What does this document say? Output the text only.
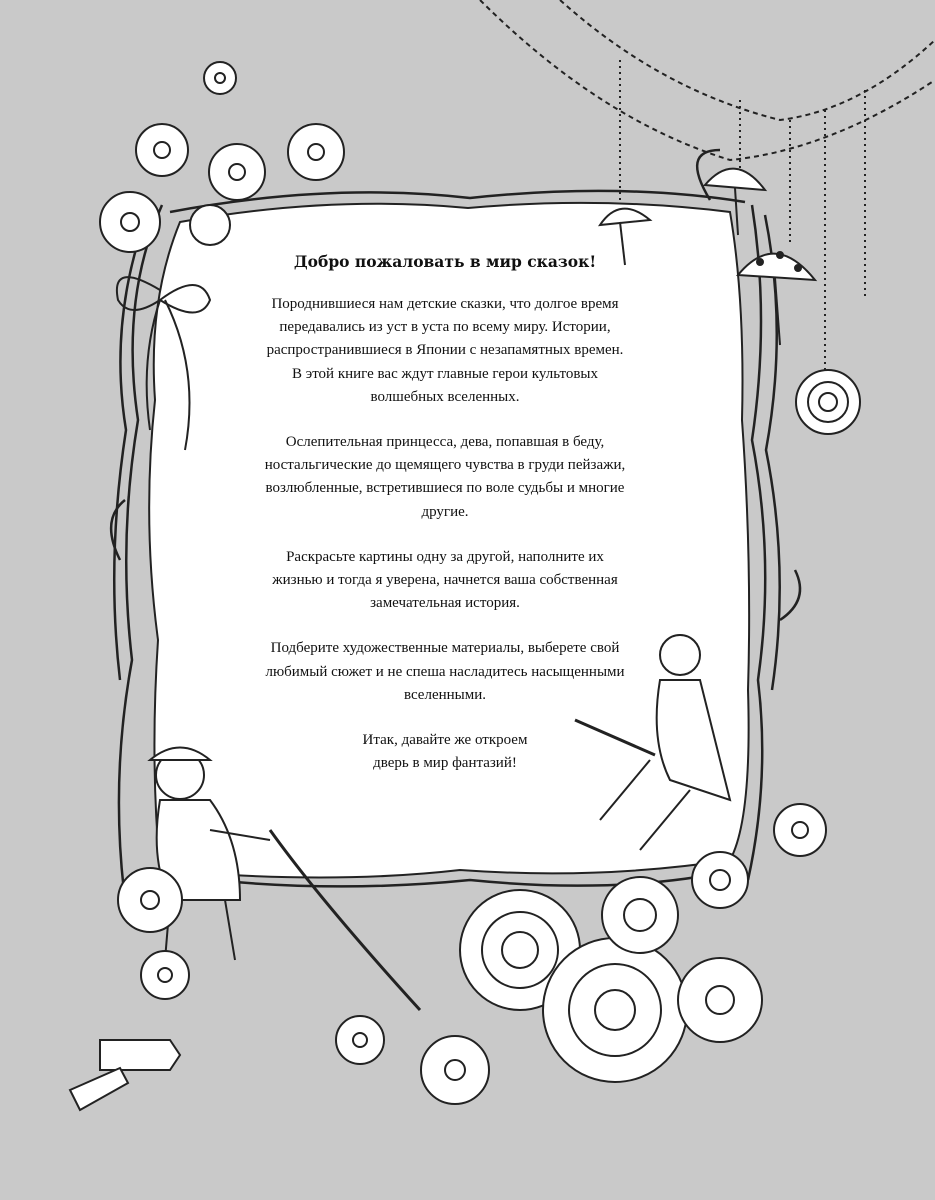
Добро пожаловать в мир сказок!

Породнившиеся нам детские сказки, что долгое время
передавались из уст в уста по всему миру. Истории,
распространившиеся в Японии с незапамятных времен.
В этой книге вас ждут главные герои культовых
волшебных вселенных.

Ослепительная принцесса, дева, попавшая в беду,
ностальгические до щемящего чувства в груди пейзажи,
возлюбленные, встретившиеся по воле судьбы и многие
другие.

Раскрасьте картины одну за другой, наполните их
жизнью и тогда я уверена, начнется ваша собственная
замечательная история.

Подберите художественные материалы, выберете свой
любимый сюжет и не спеша насладитесь насыщенными
вселенными.

Итак, давайте же откроем
дверь в мир фантазий!
